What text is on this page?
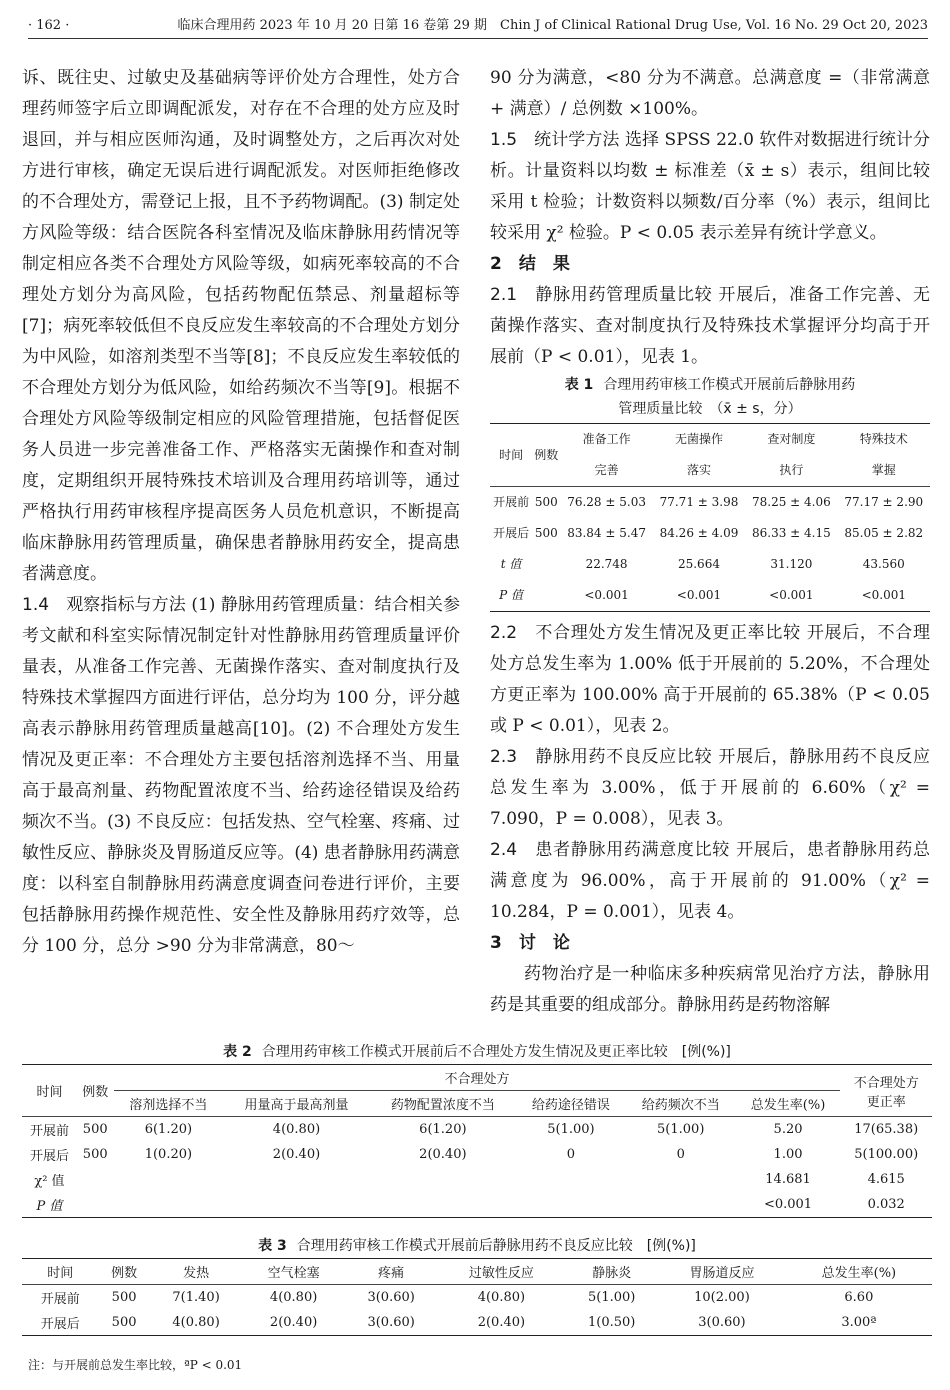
· 162 ·	临床合理用药 2023 年 10 月 20 日第 16 卷第 29 期　Chin J of Clinical Rational Drug Use, Vol. 16 No. 29 Oct 20, 2023

诉、既往史、过敏史及基础病等评价处方合理性，处方合理药师签字后立即调配派发，对存在不合理的处方应及时退回，并与相应医师沟通，及时调整处方，之后再次对处方进行审核，确定无误后进行调配派发。对医师拒绝修改的不合理处方，需登记上报，且不予药物调配。(3) 制定处方风险等级：结合医院各科室情况及临床静脉用药情况等制定相应各类不合理处方风险等级，如病死率较高的不合理处方划分为高风险，包括药物配伍禁忌、剂量超标等[7]；病死率较低但不良反应发生率较高的不合理处方划分为中风险，如溶剂类型不当等[8]；不良反应发生率较低的不合理处方划分为低风险，如给药频次不当等[9]。根据不合理处方风险等级制定相应的风险管理措施，包括督促医务人员进一步完善准备工作、严格落实无菌操作和查对制度，定期组织开展特殊技术培训及合理用药培训等，通过严格执行用药审核程序提高医务人员危机意识，不断提高临床静脉用药管理质量，确保患者静脉用药安全，提高患者满意度。

1.4　观察指标与方法 (1) 静脉用药管理质量：结合相关参考文献和科室实际情况制定针对性静脉用药管理质量评价量表，从准备工作完善、无菌操作落实、查对制度执行及特殊技术掌握四方面进行评估，总分均为 100 分，评分越高表示静脉用药管理质量越高[10]。(2) 不合理处方发生情况及更正率：不合理处方主要包括溶剂选择不当、用量高于最高剂量、药物配置浓度不当、给药途径错误及给药频次不当。(3) 不良反应：包括发热、空气栓塞、疼痛、过敏性反应、静脉炎及胃肠道反应等。(4) 患者静脉用药满意度：以科室自制静脉用药满意度调查问卷进行评价，主要包括静脉用药操作规范性、安全性及静脉用药疗效等，总分 100 分，总分 >90 分为非常满意，80～

90 分为满意，<80 分为不满意。总满意度 =（非常满意 + 满意）/ 总例数 ×100%。

1.5　统计学方法 选择 SPSS 22.0 软件对数据进行统计分析。计量资料以均数 ± 标准差（x̄ ± s）表示，组间比较采用 t 检验；计数资料以频数/百分率（%）表示，组间比较采用 χ² 检验。P < 0.05 表示差异有统计学意义。

2　结　果

2.1　静脉用药管理质量比较 开展后，准备工作完善、无菌操作落实、查对制度执行及特殊技术掌握评分均高于开展前（P < 0.01），见表 1。

表 1 合理用药审核工作模式开展前后静脉用药
管理质量比较　（x̄ ± s，分）
时间	例数	准备工作完善	无菌操作落实	查对制度执行	特殊技术掌握

开展前	500	76.28 ± 5.03	77.71 ± 3.98	78.25 ± 4.06	77.17 ± 2.90
开展后	500	83.84 ± 5.47	84.26 ± 4.09	86.33 ± 4.15	85.05 ± 2.82
t 值		22.748	25.664	31.120	43.560
P 值		<0.001	<0.001	<0.001	<0.001

2.2　不合理处方发生情况及更正率比较 开展后，不合理处方总发生率为 1.00% 低于开展前的 5.20%，不合理处方更正率为 100.00% 高于开展前的 65.38%（P < 0.05 或 P < 0.01），见表 2。

2.3　静脉用药不良反应比较 开展后，静脉用药不良反应总发生率为 3.00%，低于开展前的 6.60%（χ² = 7.090，P = 0.008），见表 3。

2.4　患者静脉用药满意度比较 开展后，患者静脉用药总满意度为 96.00%，高于开展前的 91.00%（χ² = 10.284，P = 0.001），见表 4。

3　讨　论

药物治疗是一种临床多种疾病常见治疗方法，静脉用药是其重要的组成部分。静脉用药是药物溶解

表 2 合理用药审核工作模式开展前后不合理处方发生情况及更正率比较　[例(%)]
时间	例数	不合理处方						不合理处方更正率

		溶剂选择不当	用量高于最高剂量	药物配置浓度不当	给药途径错误	给药频次不当	总发生率(%)	
开展前	500	6(1.20)	4(0.80)	6(1.20)	5(1.00)	5(1.00)	5.20	17(65.38)
开展后	500	1(0.20)	2(0.40)	2(0.40)	0	0	1.00	5(100.00)
χ² 值							14.681	4.615
P 值							<0.001	0.032
表 3 合理用药审核工作模式开展前后静脉用药不良反应比较　[例(%)]
时间	例数	发热	空气栓塞	疼痛	过敏性反应	静脉炎	胃肠道反应	总发生率(%)
开展前	500	7(1.40)	4(0.80)	3(0.60)	4(0.80)	5(1.00)	10(2.00)	6.60
开展后	500	4(0.80)	2(0.40)	3(0.60)	2(0.40)	1(0.50)	3(0.60)	3.00ª
注：与开展前总发生率比较，ªP < 0.01
